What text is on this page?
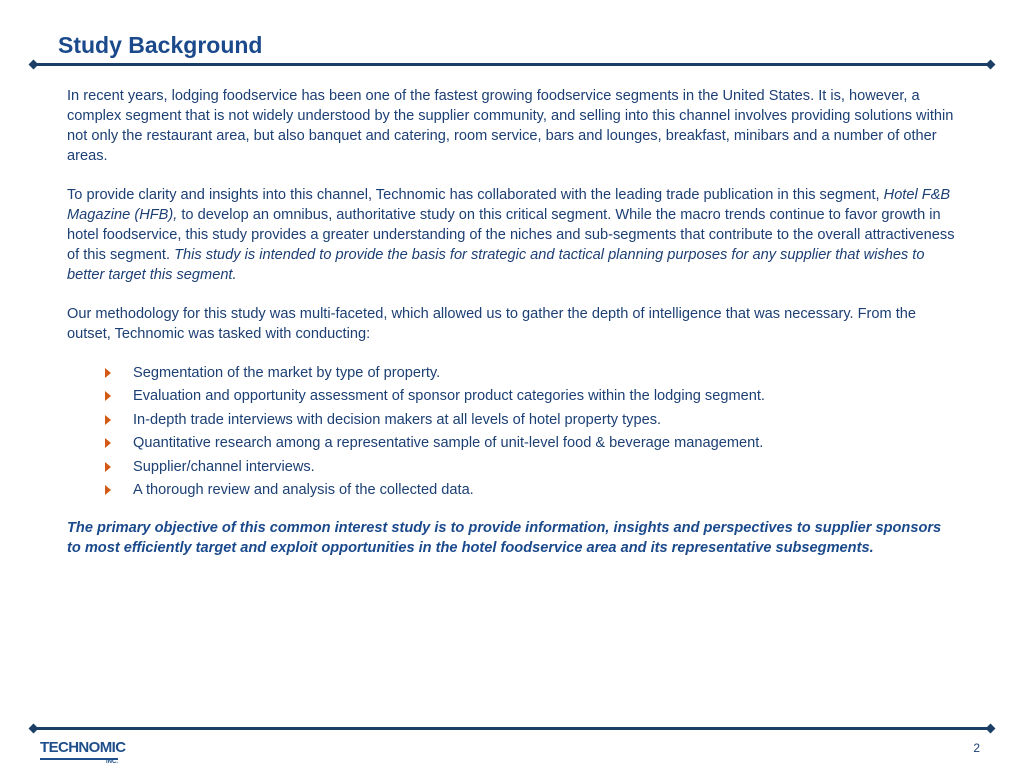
Study Background

In recent years, lodging foodservice has been one of the fastest growing foodservice segments in the United States. It is, however, a complex segment that is not widely understood by the supplier community, and selling into this channel involves providing solutions within not only the restaurant area, but also banquet and catering, room service, bars and lounges, breakfast, minibars and a number of other areas.

To provide clarity and insights into this channel, Technomic has collaborated with the leading trade publication in this segment, Hotel F&B Magazine (HFB), to develop an omnibus, authoritative study on this critical segment. While the macro trends continue to favor growth in hotel foodservice, this study provides a greater understanding of the niches and sub-segments that contribute to the overall attractiveness of this segment. This study is intended to provide the basis for strategic and tactical planning purposes for any supplier that wishes to better target this segment.

Our methodology for this study was multi-faceted, which allowed us to gather the depth of intelligence that was necessary. From the outset, Technomic was tasked with conducting:

Segmentation of the market by type of property.
Evaluation and opportunity assessment of sponsor product categories within the lodging segment.
In-depth trade interviews with decision makers at all levels of hotel property types.
Quantitative research among a representative sample of unit-level food & beverage management.
Supplier/channel interviews.
A thorough review and analysis of the collected data.

The primary objective of this common interest study is to provide information, insights and perspectives to supplier sponsors to most efficiently target and exploit opportunities in the hotel foodservice area and its representative subsegments.

TECHNOMIC
INC.
2
